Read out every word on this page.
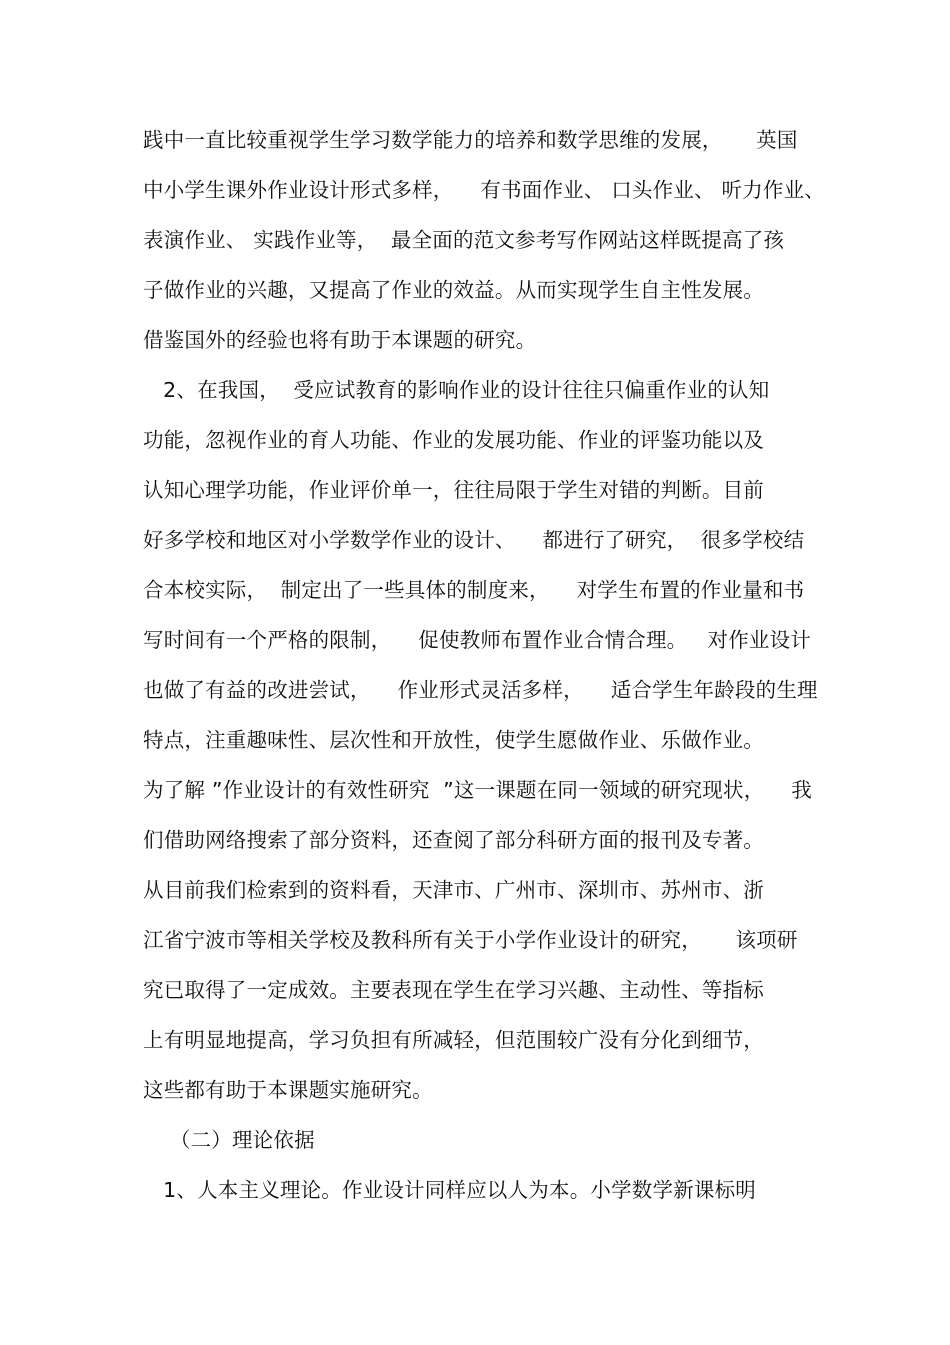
践中一直比较重视学生学习数学能力的培养和数学思维的发展，     英国
中小学生课外作业设计形式多样，    有书面作业、 口头作业、 听力作业、
表演作业、 实践作业等，  最全面的范文参考写作网站这样既提高了孩
子做作业的兴趣，又提高了作业的效益。从而实现学生自主性发展。
借鉴国外的经验也将有助于本课题的研究。
2、在我国，  受应试教育的影响作业的设计往往只偏重作业的认知
功能，忽视作业的育人功能、作业的发展功能、作业的评鉴功能以及
认知心理学功能，作业评价单一，往往局限于学生对错的判断。目前
好多学校和地区对小学数学作业的设计、    都进行了研究，  很多学校结
合本校实际，  制定出了一些具体的制度来，    对学生布置的作业量和书
写时间有一个严格的限制，    促使教师布置作业合情合理。   对作业设计
也做了有益的改进尝试，    作业形式灵活多样，    适合学生年龄段的生理
特点，注重趣味性、层次性和开放性，使学生愿做作业、乐做作业。
为了解 ”作业设计的有效性研究  ”这一课题在同一领域的研究现状，    我
们借助网络搜索了部分资料，还查阅了部分科研方面的报刊及专著。
从目前我们检索到的资料看，天津市、广州市、深圳市、苏州市、浙
江省宁波市等相关学校及教科所有关于小学作业设计的研究，     该项研
究已取得了一定成效。主要表现在学生在学习兴趣、主动性、等指标
上有明显地提高，学习负担有所减轻，但范围较广没有分化到细节，
这些都有助于本课题实施研究。
（二）理论依据
1、人本主义理论。作业设计同样应以人为本。小学数学新课标明
